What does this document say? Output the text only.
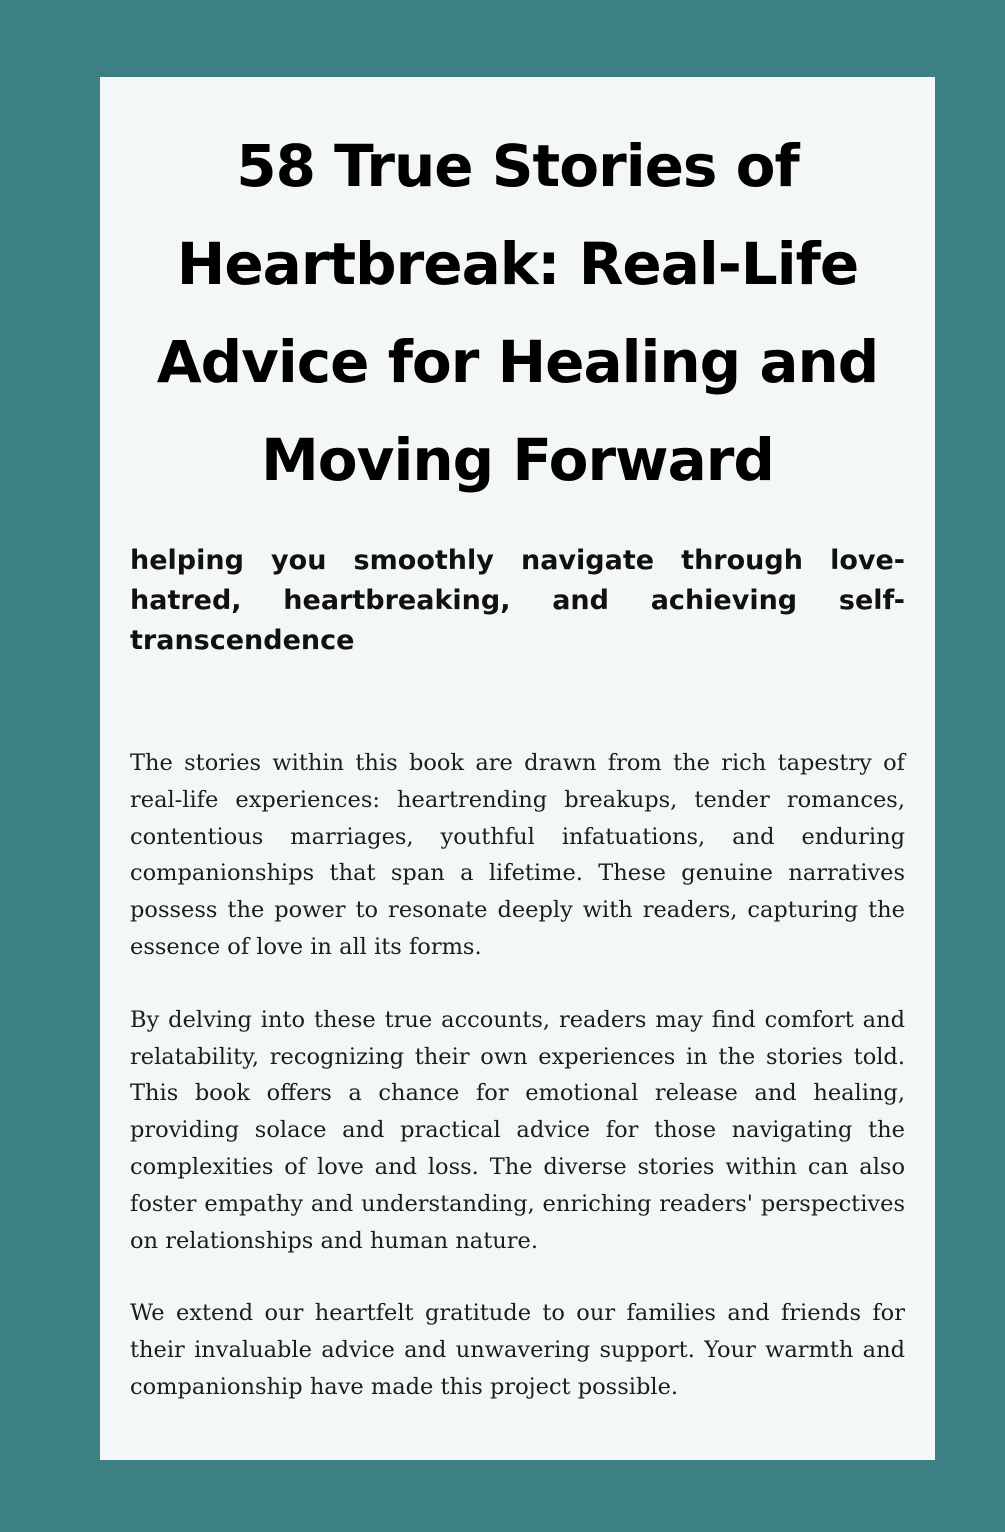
58 True Stories of Heartbreak: Real-Life Advice for Healing and Moving Forward

helping you smoothly navigate through love-hatred, heartbreaking, and achieving self-transcendence

The stories within this book are drawn from the rich tapestry of real-life experiences: heartrending breakups, tender romances, contentious marriages, youthful infatuations, and enduring companionships that span a lifetime. These genuine narratives possess the power to resonate deeply with readers, capturing the essence of love in all its forms.

By delving into these true accounts, readers may find comfort and relatability, recognizing their own experiences in the stories told. This book offers a chance for emotional release and healing, providing solace and practical advice for those navigating the complexities of love and loss. The diverse stories within can also foster empathy and understanding, enriching readers' perspectives on relationships and human nature.

We extend our heartfelt gratitude to our families and friends for their invaluable advice and unwavering support. Your warmth and companionship have made this project possible.
